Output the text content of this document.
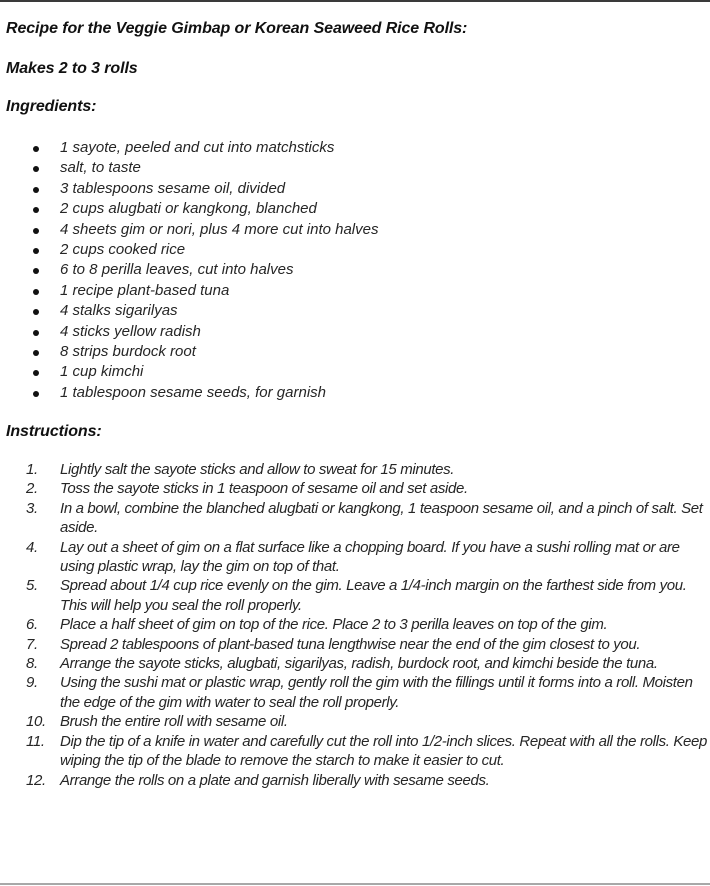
Recipe for the Veggie Gimbap or Korean Seaweed Rice Rolls:
Makes 2 to 3 rolls
Ingredients:
1 sayote, peeled and cut into matchsticks
salt, to taste
3 tablespoons sesame oil, divided
2 cups alugbati or kangkong, blanched
4 sheets gim or nori, plus 4 more cut into halves
2 cups cooked rice
6 to 8 perilla leaves, cut into halves
1 recipe plant-based tuna
4 stalks sigarilyas
4 sticks yellow radish
8 strips burdock root
1 cup kimchi
1 tablespoon sesame seeds, for garnish
Instructions:
1.	Lightly salt the sayote sticks and allow to sweat for 15 minutes.
2.	Toss the sayote sticks in 1 teaspoon of sesame oil and set aside.
3.	In a bowl, combine the blanched alugbati or kangkong, 1 teaspoon sesame oil, and a pinch of salt. Set aside.
4.	Lay out a sheet of gim on a flat surface like a chopping board. If you have a sushi rolling mat or are using plastic wrap, lay the gim on top of that.
5.	Spread about 1/4 cup rice evenly on the gim. Leave a 1/4-inch margin on the farthest side from you. This will help you seal the roll properly.
6.	Place a half sheet of gim on top of the rice. Place 2 to 3 perilla leaves on top of the gim.
7.	Spread 2 tablespoons of plant-based tuna lengthwise near the end of the gim closest to you.
8.	Arrange the sayote sticks, alugbati, sigarilyas, radish, burdock root, and kimchi beside the tuna.
9.	Using the sushi mat or plastic wrap, gently roll the gim with the fillings until it forms into a roll. Moisten the edge of the gim with water to seal the roll properly.
10. Brush the entire roll with sesame oil.
11.	Dip the tip of a knife in water and carefully cut the roll into 1/2-inch slices. Repeat with all the rolls. Keep wiping the tip of the blade to remove the starch to make it easier to cut.
12. Arrange the rolls on a plate and garnish liberally with sesame seeds.
